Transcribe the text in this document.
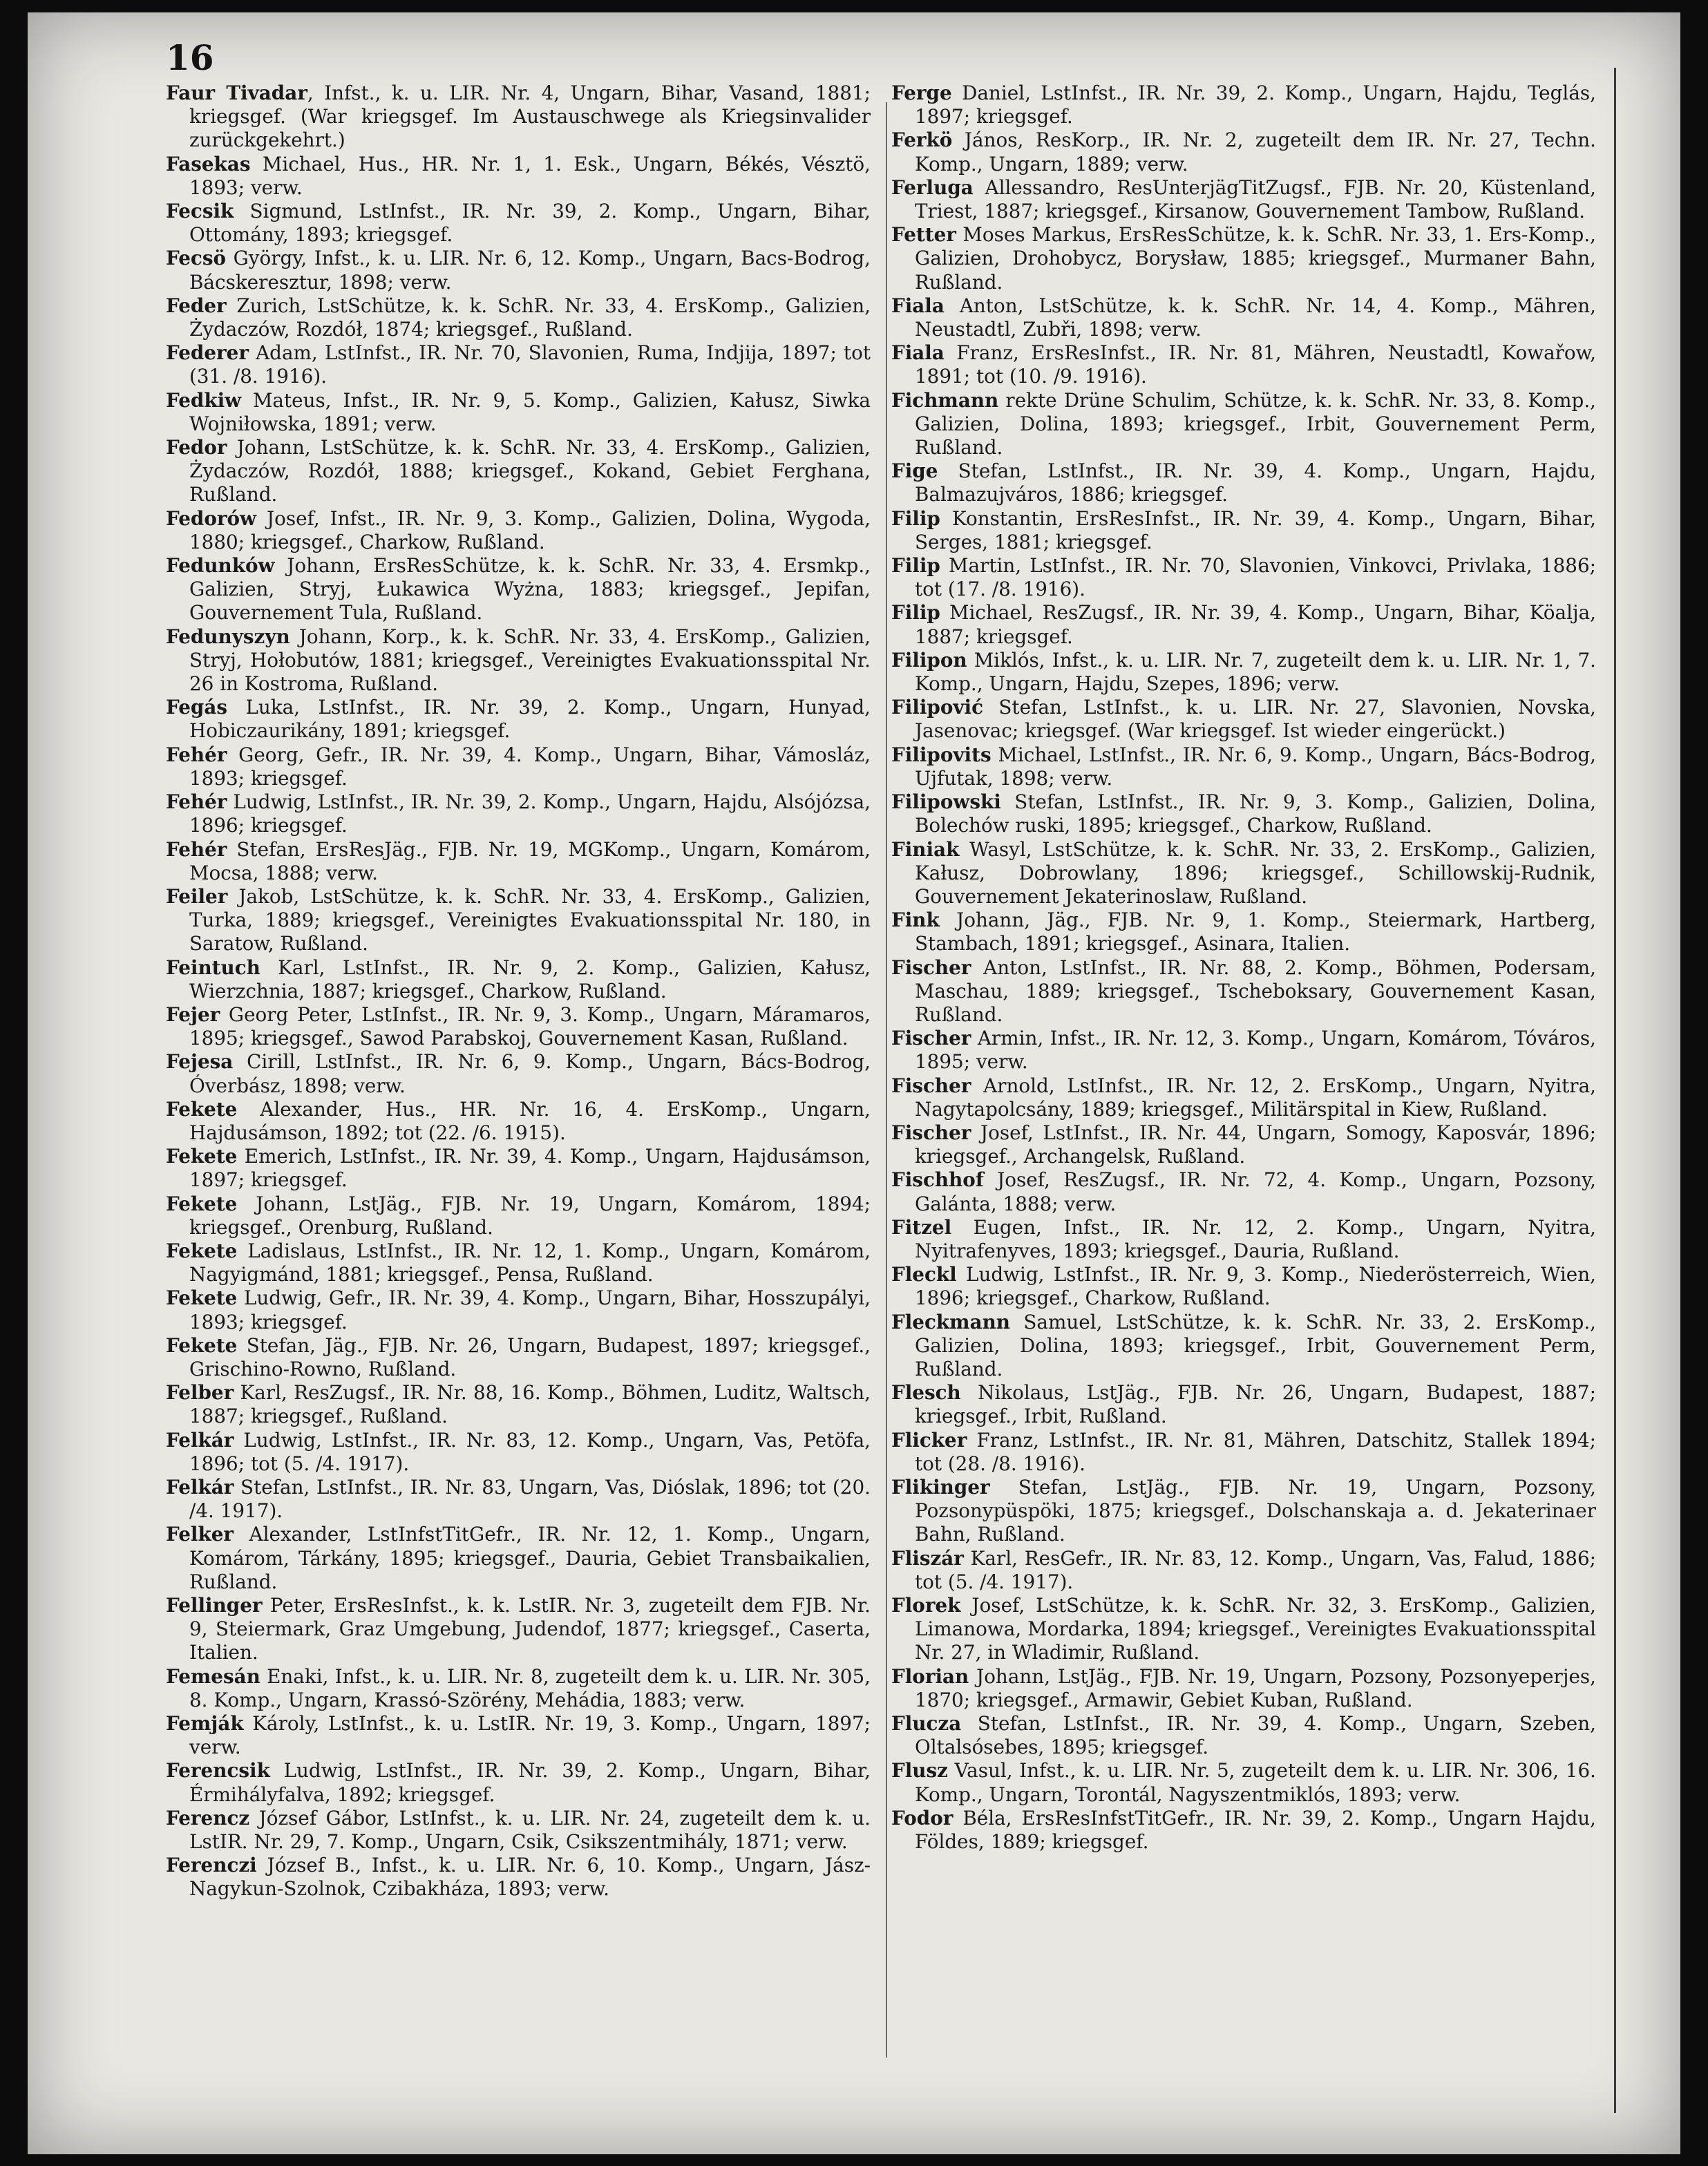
16

Faur Tivadar, Infst., k. u. LIR. Nr. 4, Ungarn, Bihar, Vasand, 1881; kriegsgef. (War kriegsgef. Im Austauschwege als Kriegsinvalider zurückgekehrt.)

Fasekas Michael, Hus., HR. Nr. 1, 1. Esk., Ungarn, Békés, Vésztö, 1893; verw.

Fecsik Sigmund, LstInfst., IR. Nr. 39, 2. Komp., Ungarn, Bihar, Ottomány, 1893; kriegsgef.

Fecsö György, Infst., k. u. LIR. Nr. 6, 12. Komp., Ungarn, Bacs-Bodrog, Bácskeresztur, 1898; verw.

Feder Zurich, LstSchütze, k. k. SchR. Nr. 33, 4. ErsKomp., Galizien, Żydaczów, Rozdół, 1874; kriegsgef., Rußland.

Federer Adam, LstInfst., IR. Nr. 70, Slavonien, Ruma, Indjija, 1897; tot (31. /8. 1916).

Fedkiw Mateus, Infst., IR. Nr. 9, 5. Komp., Galizien, Kałusz, Siwka Wojniłowska, 1891; verw.

Fedor Johann, LstSchütze, k. k. SchR. Nr. 33, 4. ErsKomp., Galizien, Żydaczów, Rozdół, 1888; kriegsgef., Kokand, Gebiet Ferghana, Rußland.

Fedorów Josef, Infst., IR. Nr. 9, 3. Komp., Galizien, Dolina, Wygoda, 1880; kriegsgef., Charkow, Rußland.

Fedunków Johann, ErsResSchütze, k. k. SchR. Nr. 33, 4. Ersmkp., Galizien, Stryj, Łukawica Wyżna, 1883; kriegsgef., Jepifan, Gouvernement Tula, Rußland.

Fedunyszyn Johann, Korp., k. k. SchR. Nr. 33, 4. ErsKomp., Galizien, Stryj, Hołobutów, 1881; kriegsgef., Vereinigtes Evakuationsspital Nr. 26 in Kostroma, Rußland.

Fegás Luka, LstInfst., IR. Nr. 39, 2. Komp., Ungarn, Hunyad, Hobiczaurikány, 1891; kriegsgef.

Fehér Georg, Gefr., IR. Nr. 39, 4. Komp., Ungarn, Bihar, Vámosláz, 1893; kriegsgef.

Fehér Ludwig, LstInfst., IR. Nr. 39, 2. Komp., Ungarn, Hajdu, Alsójózsa, 1896; kriegsgef.

Fehér Stefan, ErsResJäg., FJB. Nr. 19, MGKomp., Ungarn, Komárom, Mocsa, 1888; verw.

Feiler Jakob, LstSchütze, k. k. SchR. Nr. 33, 4. ErsKomp., Galizien, Turka, 1889; kriegsgef., Vereinigtes Evakuationsspital Nr. 180, in Saratow, Rußland.

Feintuch Karl, LstInfst., IR. Nr. 9, 2. Komp., Galizien, Kałusz, Wierzchnia, 1887; kriegsgef., Charkow, Rußland.

Fejer Georg Peter, LstInfst., IR. Nr. 9, 3. Komp., Ungarn, Máramaros, 1895; kriegsgef., Sawod Parabskoj, Gouvernement Kasan, Rußland.

Fejesa Cirill, LstInfst., IR. Nr. 6, 9. Komp., Ungarn, Bács-Bodrog, Óverbász, 1898; verw.

Fekete Alexander, Hus., HR. Nr. 16, 4. ErsKomp., Ungarn, Hajdusámson, 1892; tot (22. /6. 1915).

Fekete Emerich, LstInfst., IR. Nr. 39, 4. Komp., Ungarn, Hajdusámson, 1897; kriegsgef.

Fekete Johann, LstJäg., FJB. Nr. 19, Ungarn, Komárom, 1894; kriegsgef., Orenburg, Rußland.

Fekete Ladislaus, LstInfst., IR. Nr. 12, 1. Komp., Ungarn, Komárom, Nagyigmánd, 1881; kriegsgef., Pensa, Rußland.

Fekete Ludwig, Gefr., IR. Nr. 39, 4. Komp., Ungarn, Bihar, Hosszupályi, 1893; kriegsgef.

Fekete Stefan, Jäg., FJB. Nr. 26, Ungarn, Budapest, 1897; kriegsgef., Grischino-Rowno, Rußland.

Felber Karl, ResZugsf., IR. Nr. 88, 16. Komp., Böhmen, Luditz, Waltsch, 1887; kriegsgef., Rußland.

Felkár Ludwig, LstInfst., IR. Nr. 83, 12. Komp., Ungarn, Vas, Petöfa, 1896; tot (5. /4. 1917).

Felkár Stefan, LstInfst., IR. Nr. 83, Ungarn, Vas, Dióslak, 1896; tot (20. /4. 1917).

Felker Alexander, LstInfstTitGefr., IR. Nr. 12, 1. Komp., Ungarn, Komárom, Tárkány, 1895; kriegsgef., Dauria, Gebiet Transbaikalien, Rußland.

Fellinger Peter, ErsResInfst., k. k. LstIR. Nr. 3, zugeteilt dem FJB. Nr. 9, Steiermark, Graz Umgebung, Judendof, 1877; kriegsgef., Caserta, Italien.

Femesán Enaki, Infst., k. u. LIR. Nr. 8, zugeteilt dem k. u. LIR. Nr. 305, 8. Komp., Ungarn, Krassó-Szörény, Mehádia, 1883; verw.

Femják Károly, LstInfst., k. u. LstIR. Nr. 19, 3. Komp., Ungarn, 1897; verw.

Ferencsik Ludwig, LstInfst., IR. Nr. 39, 2. Komp., Ungarn, Bihar, Érmihályfalva, 1892; kriegsgef.

Ferencz József Gábor, LstInfst., k. u. LIR. Nr. 24, zugeteilt dem k. u. LstIR. Nr. 29, 7. Komp., Ungarn, Csik, Csikszentmihály, 1871; verw.

Ferenczi József B., Infst., k. u. LIR. Nr. 6, 10. Komp., Ungarn, Jász-Nagykun-Szolnok, Czibakháza, 1893; verw.

Ferge Daniel, LstInfst., IR. Nr. 39, 2. Komp., Ungarn, Hajdu, Teglás, 1897; kriegsgef.

Ferkö János, ResKorp., IR. Nr. 2, zugeteilt dem IR. Nr. 27, Techn. Komp., Ungarn, 1889; verw.

Ferluga Allessandro, ResUnterjägTitZugsf., FJB. Nr. 20, Küstenland, Triest, 1887; kriegsgef., Kirsanow, Gouvernement Tambow, Rußland.

Fetter Moses Markus, ErsResSchütze, k. k. SchR. Nr. 33, 1. Ers-Komp., Galizien, Drohobycz, Borysław, 1885; kriegsgef., Murmaner Bahn, Rußland.

Fiala Anton, LstSchütze, k. k. SchR. Nr. 14, 4. Komp., Mähren, Neustadtl, Zubři, 1898; verw.

Fiala Franz, ErsResInfst., IR. Nr. 81, Mähren, Neustadtl, Kowařow, 1891; tot (10. /9. 1916).

Fichmann rekte Drüne Schulim, Schütze, k. k. SchR. Nr. 33, 8. Komp., Galizien, Dolina, 1893; kriegsgef., Irbit, Gouvernement Perm, Rußland.

Fige Stefan, LstInfst., IR. Nr. 39, 4. Komp., Ungarn, Hajdu, Balmazujváros, 1886; kriegsgef.

Filip Konstantin, ErsResInfst., IR. Nr. 39, 4. Komp., Ungarn, Bihar, Serges, 1881; kriegsgef.

Filip Martin, LstInfst., IR. Nr. 70, Slavonien, Vinkovci, Privlaka, 1886; tot (17. /8. 1916).

Filip Michael, ResZugsf., IR. Nr. 39, 4. Komp., Ungarn, Bihar, Köalja, 1887; kriegsgef.

Filipon Miklós, Infst., k. u. LIR. Nr. 7, zugeteilt dem k. u. LIR. Nr. 1, 7. Komp., Ungarn, Hajdu, Szepes, 1896; verw.

Filipović Stefan, LstInfst., k. u. LIR. Nr. 27, Slavonien, Novska, Jasenovac; kriegsgef. (War kriegsgef. Ist wieder eingerückt.)

Filipovits Michael, LstInfst., IR. Nr. 6, 9. Komp., Ungarn, Bács-Bodrog, Ujfutak, 1898; verw.

Filipowski Stefan, LstInfst., IR. Nr. 9, 3. Komp., Galizien, Dolina, Bolechów ruski, 1895; kriegsgef., Charkow, Rußland.

Finiak Wasyl, LstSchütze, k. k. SchR. Nr. 33, 2. ErsKomp., Galizien, Kałusz, Dobrowlany, 1896; kriegsgef., Schillowskij-Rudnik, Gouvernement Jekaterinoslaw, Rußland.

Fink Johann, Jäg., FJB. Nr. 9, 1. Komp., Steiermark, Hartberg, Stambach, 1891; kriegsgef., Asinara, Italien.

Fischer Anton, LstInfst., IR. Nr. 88, 2. Komp., Böhmen, Podersam, Maschau, 1889; kriegsgef., Tscheboksary, Gouvernement Kasan, Rußland.

Fischer Armin, Infst., IR. Nr. 12, 3. Komp., Ungarn, Komárom, Tóváros, 1895; verw.

Fischer Arnold, LstInfst., IR. Nr. 12, 2. ErsKomp., Ungarn, Nyitra, Nagytapolcsány, 1889; kriegsgef., Militärspital in Kiew, Rußland.

Fischer Josef, LstInfst., IR. Nr. 44, Ungarn, Somogy, Kaposvár, 1896; kriegsgef., Archangelsk, Rußland.

Fischhof Josef, ResZugsf., IR. Nr. 72, 4. Komp., Ungarn, Pozsony, Galánta, 1888; verw.

Fitzel Eugen, Infst., IR. Nr. 12, 2. Komp., Ungarn, Nyitra, Nyitrafenyves, 1893; kriegsgef., Dauria, Rußland.

Fleckl Ludwig, LstInfst., IR. Nr. 9, 3. Komp., Niederösterreich, Wien, 1896; kriegsgef., Charkow, Rußland.

Fleckmann Samuel, LstSchütze, k. k. SchR. Nr. 33, 2. ErsKomp., Galizien, Dolina, 1893; kriegsgef., Irbit, Gouvernement Perm, Rußland.

Flesch Nikolaus, LstJäg., FJB. Nr. 26, Ungarn, Budapest, 1887; kriegsgef., Irbit, Rußland.

Flicker Franz, LstInfst., IR. Nr. 81, Mähren, Datschitz, Stallek 1894; tot (28. /8. 1916).

Flikinger Stefan, LstJäg., FJB. Nr. 19, Ungarn, Pozsony, Pozsonypüspöki, 1875; kriegsgef., Dolschanskaja a. d. Jekaterinaer Bahn, Rußland.

Fliszár Karl, ResGefr., IR. Nr. 83, 12. Komp., Ungarn, Vas, Falud, 1886; tot (5. /4. 1917).

Florek Josef, LstSchütze, k. k. SchR. Nr. 32, 3. ErsKomp., Galizien, Limanowa, Mordarka, 1894; kriegsgef., Vereinigtes Evakuationsspital Nr. 27, in Wladimir, Rußland.

Florian Johann, LstJäg., FJB. Nr. 19, Ungarn, Pozsony, Pozsonyeperjes, 1870; kriegsgef., Armawir, Gebiet Kuban, Rußland.

Flucza Stefan, LstInfst., IR. Nr. 39, 4. Komp., Ungarn, Szeben, Oltalsósebes, 1895; kriegsgef.

Flusz Vasul, Infst., k. u. LIR. Nr. 5, zugeteilt dem k. u. LIR. Nr. 306, 16. Komp., Ungarn, Torontál, Nagyszentmiklós, 1893; verw.

Fodor Béla, ErsResInfstTitGefr., IR. Nr. 39, 2. Komp., Ungarn Hajdu, Földes, 1889; kriegsgef.
